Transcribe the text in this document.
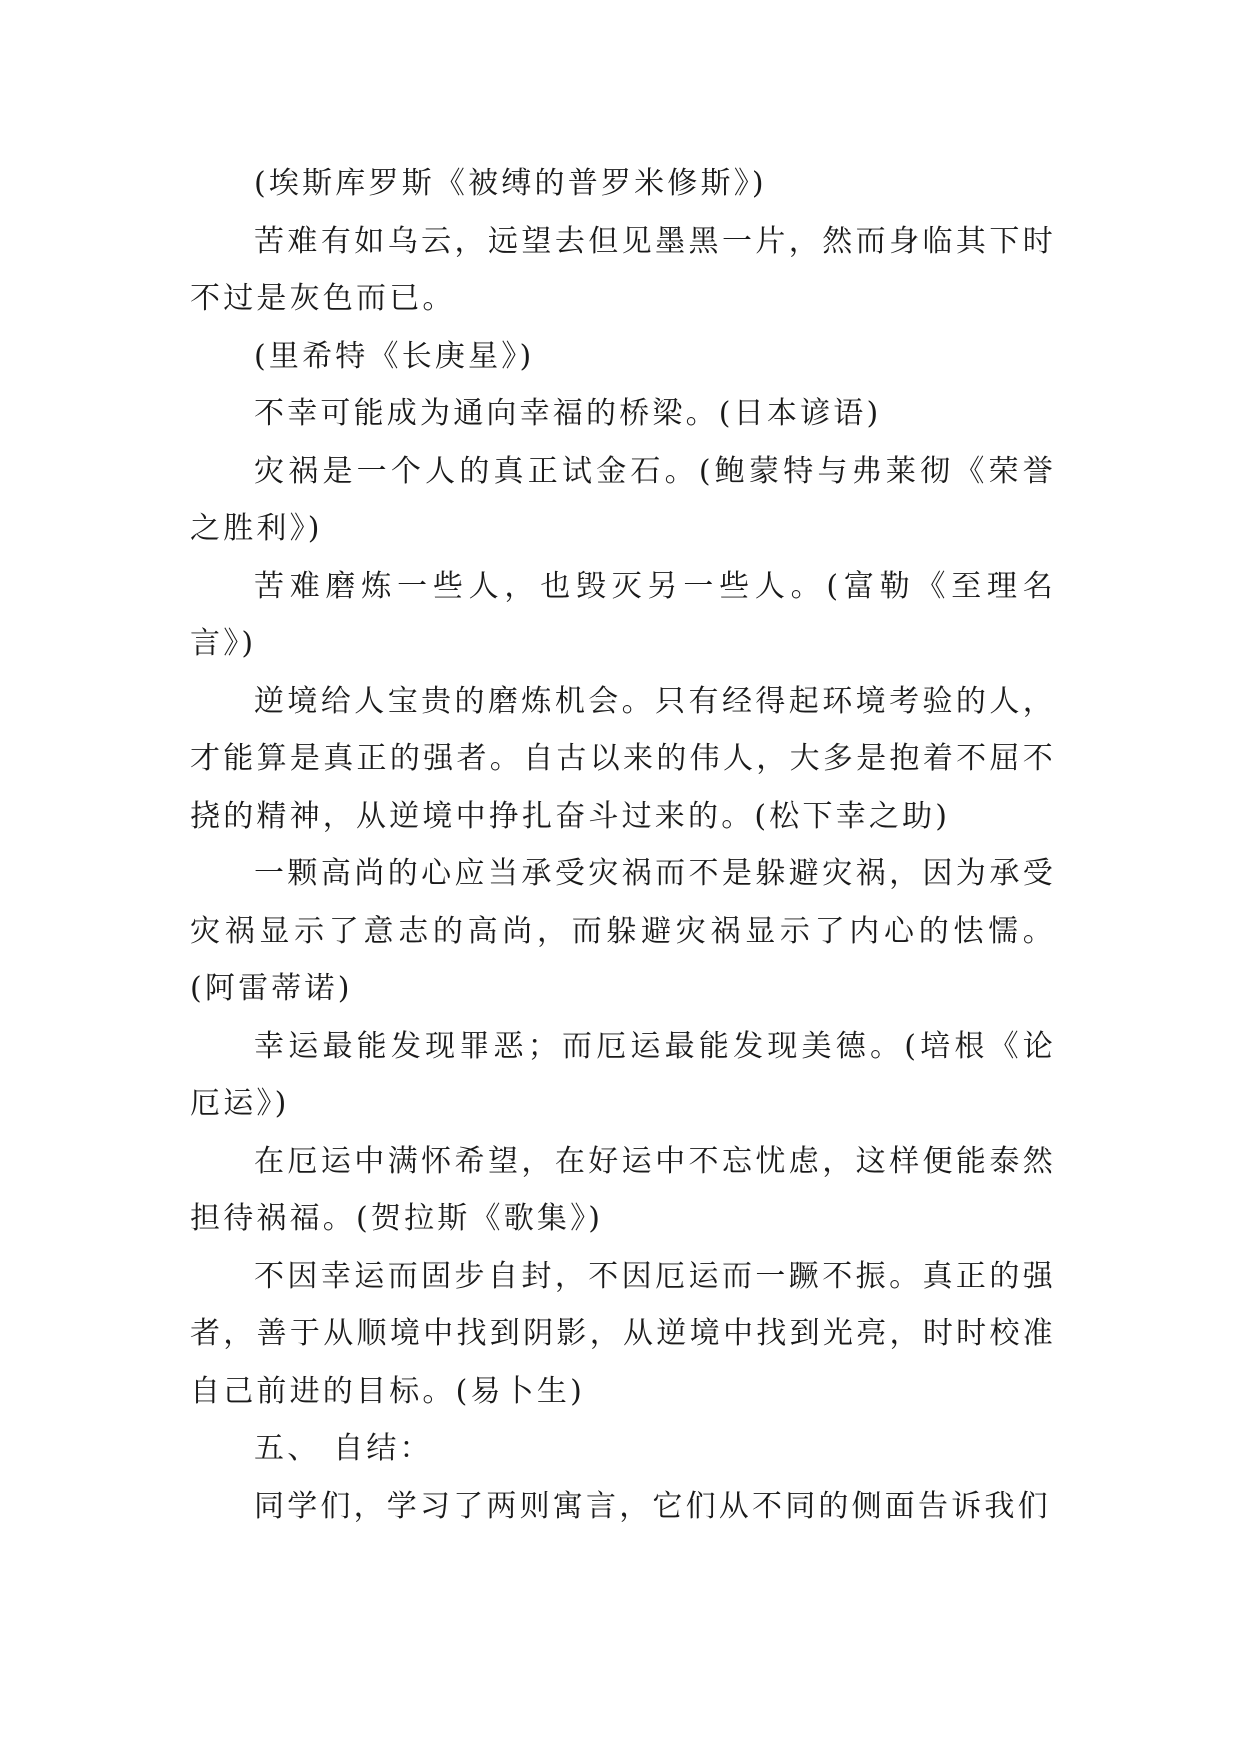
(埃斯库罗斯《被缚的普罗米修斯》)

苦难有如乌云，远望去但见墨黑一片，然而身临其下时不过是灰色而已。

(里希特《长庚星》)

不幸可能成为通向幸福的桥梁。(日本谚语)

灾祸是一个人的真正试金石。(鲍蒙特与弗莱彻《荣誉之胜利》)

苦难磨炼一些人，也毁灭另一些人。(富勒《至理名言》)

逆境给人宝贵的磨炼机会。只有经得起环境考验的人，才能算是真正的强者。自古以来的伟人，大多是抱着不屈不挠的精神，从逆境中挣扎奋斗过来的。(松下幸之助)

一颗高尚的心应当承受灾祸而不是躲避灾祸，因为承受灾祸显示了意志的高尚，而躲避灾祸显示了内心的怯懦。(阿雷蒂诺)

幸运最能发现罪恶；而厄运最能发现美德。(培根《论厄运》)

在厄运中满怀希望，在好运中不忘忧虑，这样便能泰然担待祸福。(贺拉斯《歌集》)

不因幸运而固步自封，不因厄运而一蹶不振。真正的强者，善于从顺境中找到阴影，从逆境中找到光亮，时时校准自己前进的目标。(易卜生)

五、 自结：

同学们，学习了两则寓言，它们从不同的侧面告诉我们
